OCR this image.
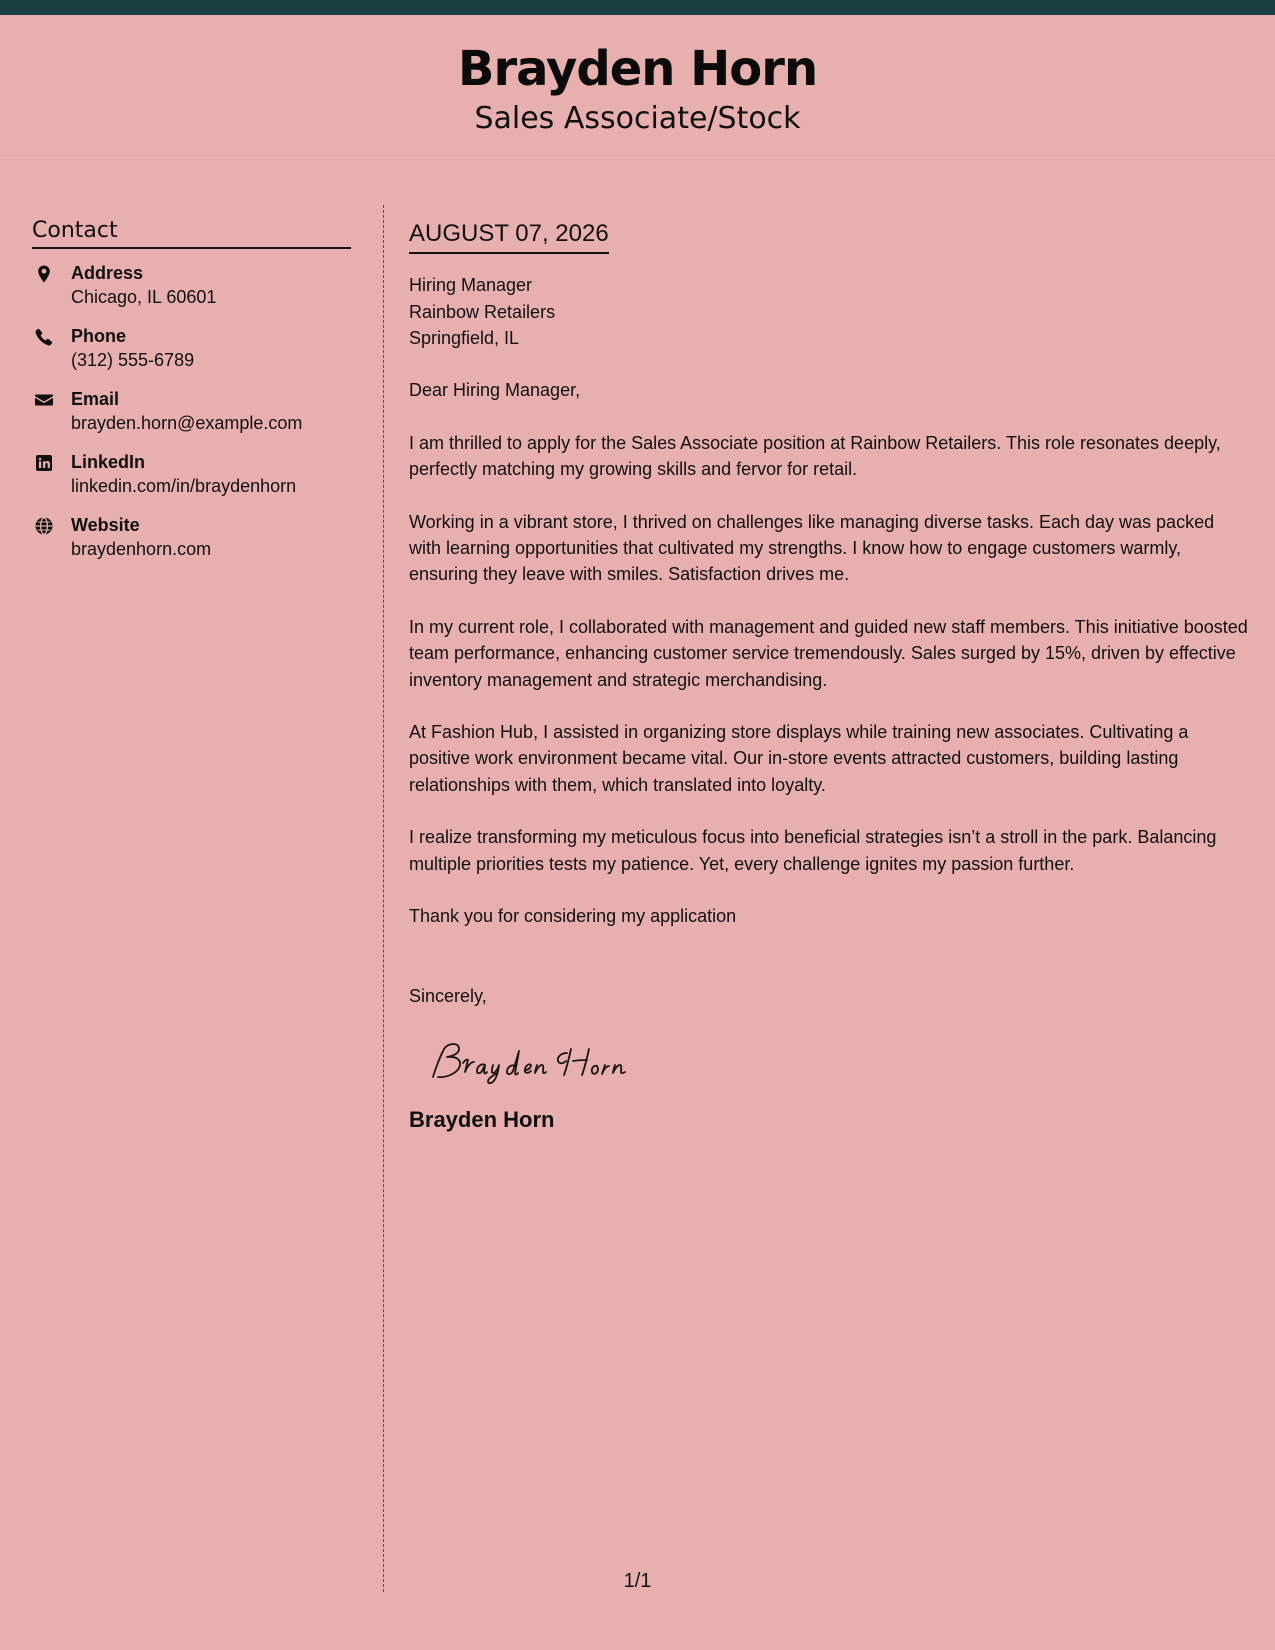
Brayden Horn
Sales Associate/Stock
Contact
Address
Chicago, IL 60601
Phone
(312) 555-6789
Email
brayden.horn@example.com
LinkedIn
linkedin.com/in/braydenhorn
Website
braydenhorn.com
AUGUST 07, 2026
Hiring Manager
Rainbow Retailers
Springfield, IL

Dear Hiring Manager,

I am thrilled to apply for the Sales Associate position at Rainbow Retailers. This role resonates deeply, perfectly matching my growing skills and fervor for retail.

Working in a vibrant store, I thrived on challenges like managing diverse tasks. Each day was packed with learning opportunities that cultivated my strengths. I know how to engage customers warmly, ensuring they leave with smiles. Satisfaction drives me.

In my current role, I collaborated with management and guided new staff members. This initiative boosted team performance, enhancing customer service tremendously. Sales surged by 15%, driven by effective inventory management and strategic merchandising.

At Fashion Hub, I assisted in organizing store displays while training new associates. Cultivating a positive work environment became vital. Our in-store events attracted customers, building lasting relationships with them, which translated into loyalty.

I realize transforming my meticulous focus into beneficial strategies isn’t a stroll in the park. Balancing multiple priorities tests my patience. Yet, every challenge ignites my passion further.

Thank you for considering my application

Sincerely,
Brayden Horn
1/1
